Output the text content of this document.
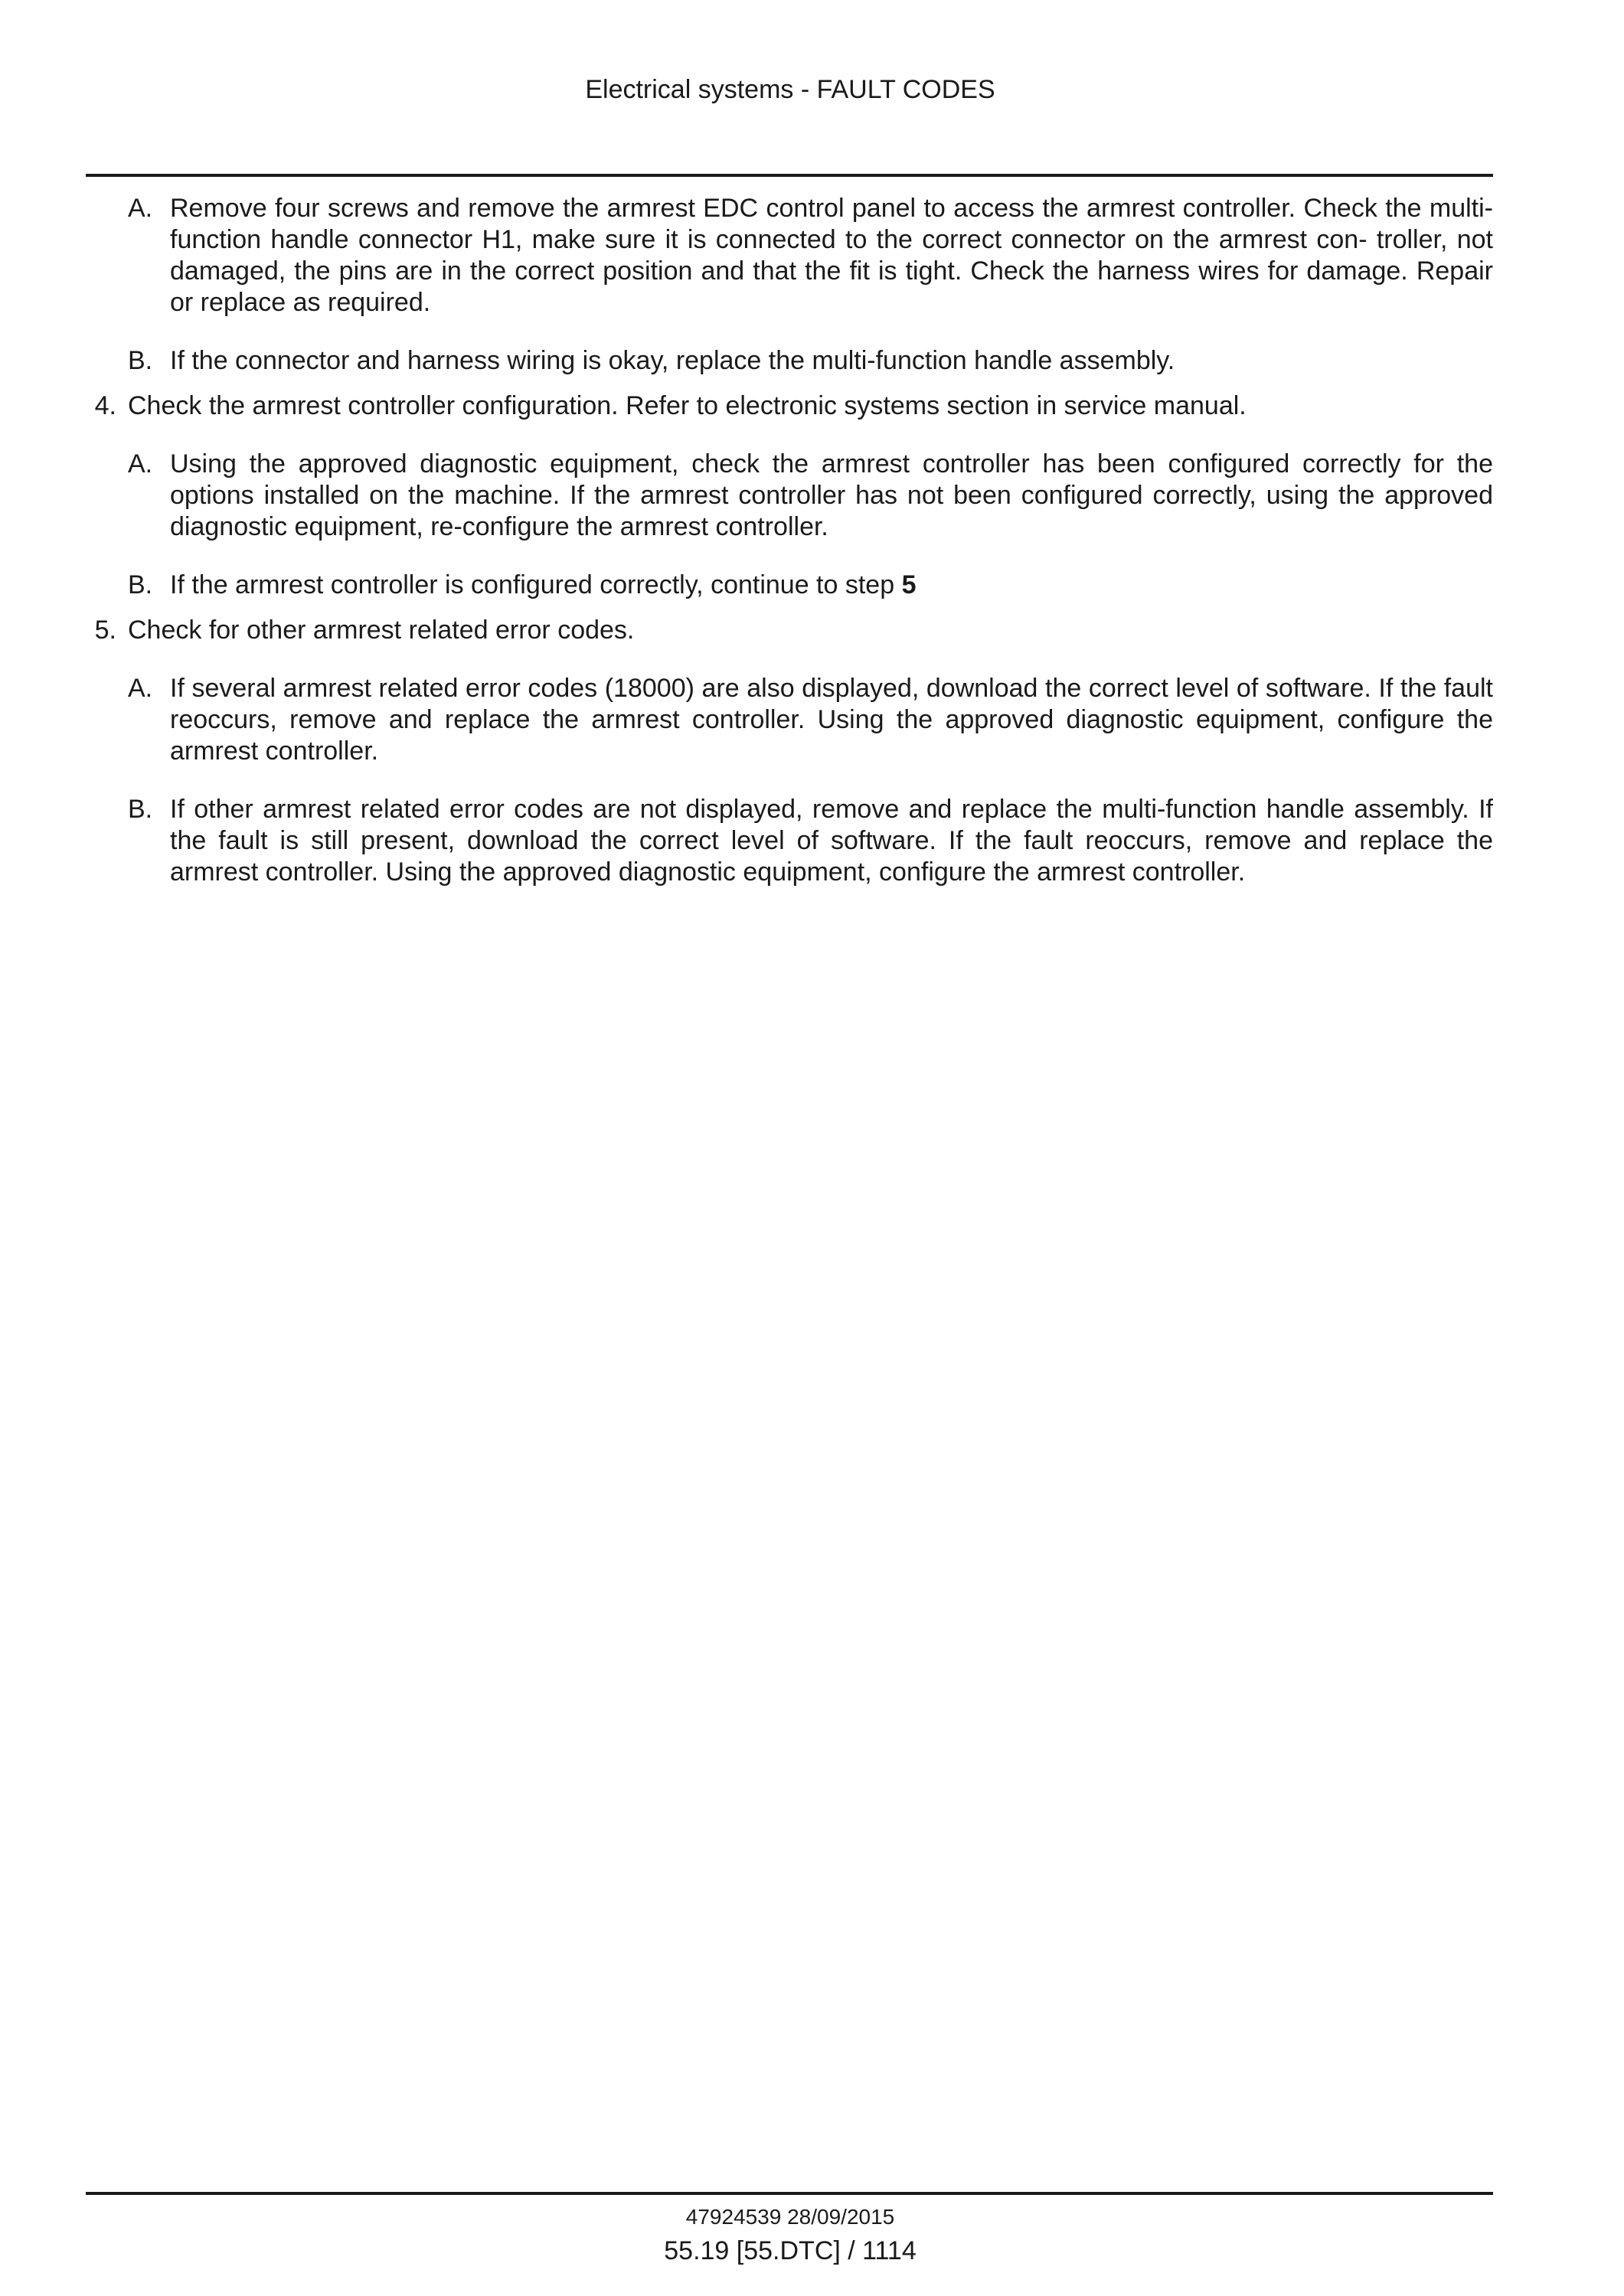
Electrical systems - FAULT CODES
A. Remove four screws and remove the armrest EDC control panel to access the armrest controller. Check the multi-function handle connector H1, make sure it is connected to the correct connector on the armrest con- troller, not damaged, the pins are in the correct position and that the fit is tight. Check the harness wires for damage. Repair or replace as required.
B. If the connector and harness wiring is okay, replace the multi-function handle assembly.
4. Check the armrest controller configuration. Refer to electronic systems section in service manual.
A. Using the approved diagnostic equipment, check the armrest controller has been configured correctly for the options installed on the machine. If the armrest controller has not been configured correctly, using the approved diagnostic equipment, re-configure the armrest controller.
B. If the armrest controller is configured correctly, continue to step 5
5. Check for other armrest related error codes.
A. If several armrest related error codes (18000) are also displayed, download the correct level of software. If the fault reoccurs, remove and replace the armrest controller. Using the approved diagnostic equipment, configure the armrest controller.
B. If other armrest related error codes are not displayed, remove and replace the multi-function handle assembly. If the fault is still present, download the correct level of software. If the fault reoccurs, remove and replace the armrest controller. Using the approved diagnostic equipment, configure the armrest controller.
47924539 28/09/2015
55.19 [55.DTC] / 1114
